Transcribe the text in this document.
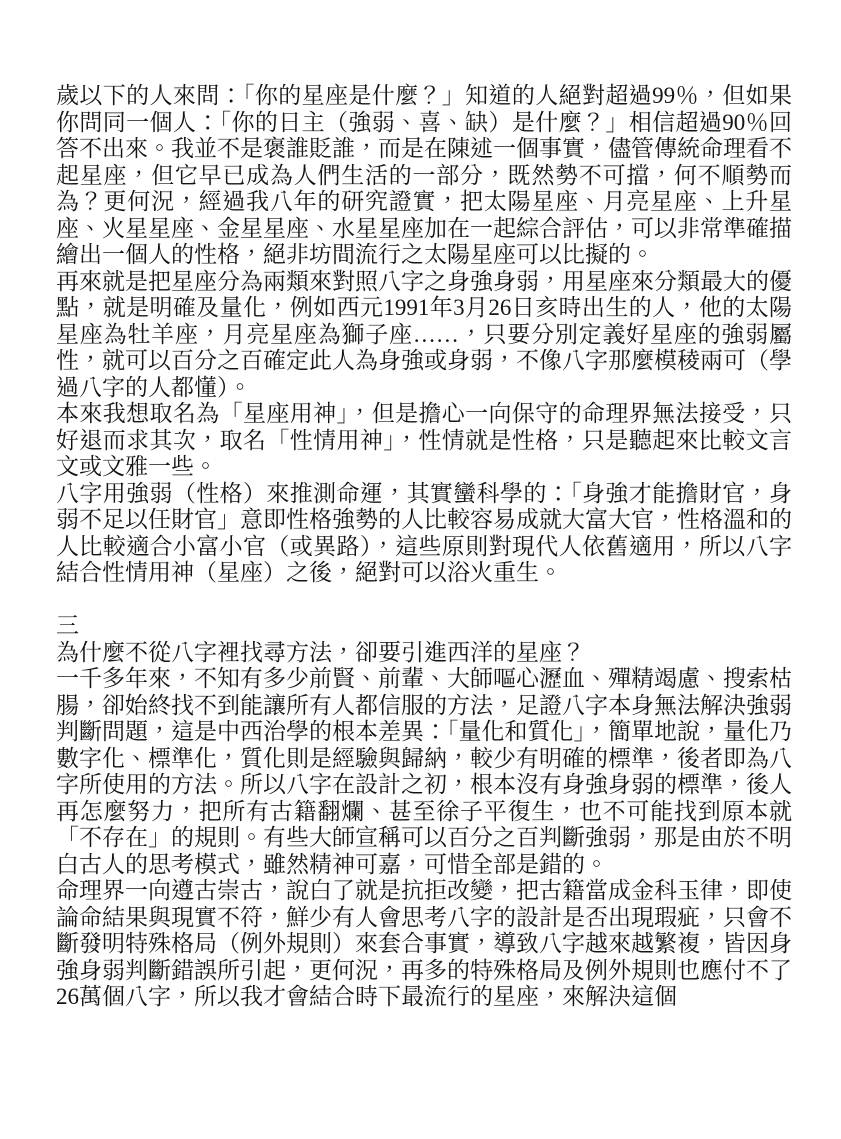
歲以下的人來問：「你的星座是什麼？」知道的人絕對超過99％，但如果你問同一個人：「你的日主（強弱、喜、缺）是什麼？」相信超過90％回答不出來。我並不是褒誰貶誰，而是在陳述一個事實，儘管傳統命理看不起星座，但它早已成為人們生活的一部分，既然勢不可擋，何不順勢而為？更何況，經過我八年的研究證實，把太陽星座、月亮星座、上升星座、火星星座、金星星座、水星星座加在一起綜合評估，可以非常準確描繪出一個人的性格，絕非坊間流行之太陽星座可以比擬的。

再來就是把星座分為兩類來對照八字之身強身弱，用星座來分類最大的優點，就是明確及量化，例如西元1991年3月26日亥時出生的人，他的太陽星座為牡羊座，月亮星座為獅子座……，只要分別定義好星座的強弱屬性，就可以百分之百確定此人為身強或身弱，不像八字那麼模稜兩可（學過八字的人都懂）。

本來我想取名為「星座用神」，但是擔心一向保守的命理界無法接受，只好退而求其次，取名「性情用神」，性情就是性格，只是聽起來比較文言文或文雅一些。

八字用強弱（性格）來推測命運，其實蠻科學的：「身強才能擔財官，身弱不足以任財官」意即性格強勢的人比較容易成就大富大官，性格溫和的人比較適合小富小官（或異路），這些原則對現代人依舊適用，所以八字結合性情用神（星座）之後，絕對可以浴火重生。

三

為什麼不從八字裡找尋方法，卻要引進西洋的星座？

一千多年來，不知有多少前賢、前輩、大師嘔心瀝血、殫精竭慮、搜索枯腸，卻始終找不到能讓所有人都信服的方法，足證八字本身無法解決強弱判斷問題，這是中西治學的根本差異：「量化和質化」，簡單地說，量化乃數字化、標準化，質化則是經驗與歸納，較少有明確的標準，後者即為八字所使用的方法。所以八字在設計之初，根本沒有身強身弱的標準，後人再怎麼努力，把所有古籍翻爛、甚至徐子平復生，也不可能找到原本就「不存在」的規則。有些大師宣稱可以百分之百判斷強弱，那是由於不明白古人的思考模式，雖然精神可嘉，可惜全部是錯的。

命理界一向遵古崇古，說白了就是抗拒改變，把古籍當成金科玉律，即使論命結果與現實不符，鮮少有人會思考八字的設計是否出現瑕疵，只會不斷發明特殊格局（例外規則）來套合事實，導致八字越來越繁複，皆因身強身弱判斷錯誤所引起，更何況，再多的特殊格局及例外規則也應付不了26萬個八字，所以我才會結合時下最流行的星座，來解決這個
